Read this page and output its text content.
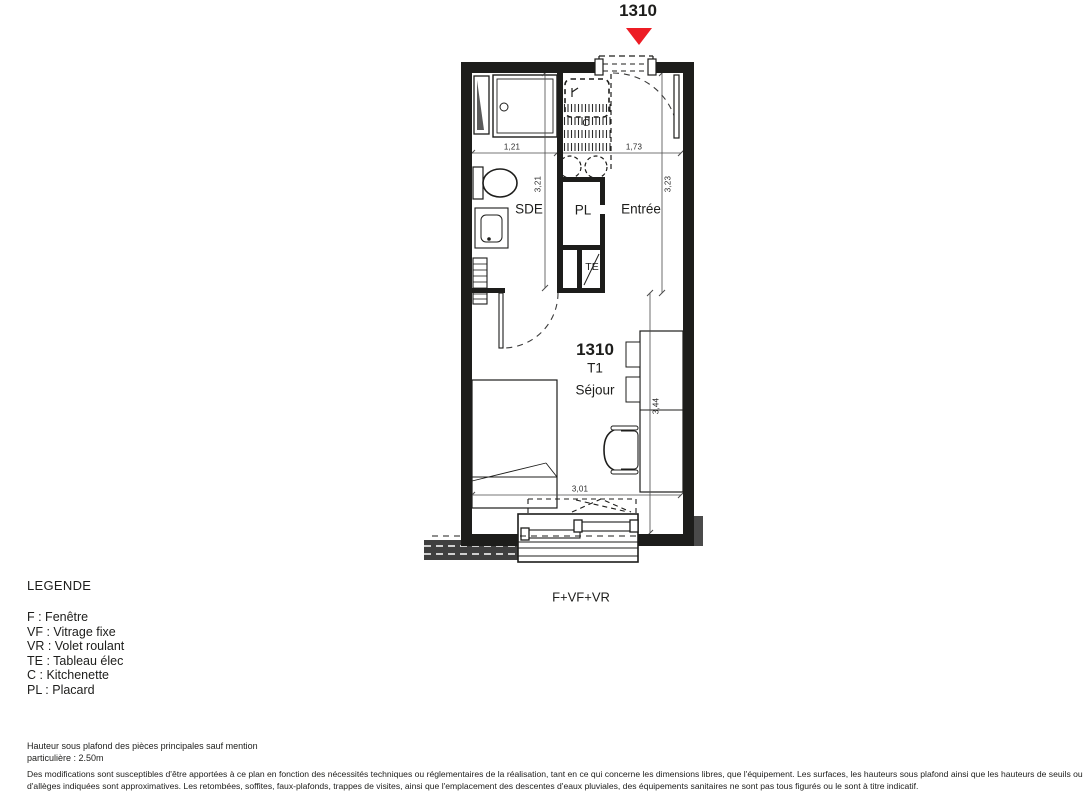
1310
SDE PL Entrée
TE
C
1310
T1
Séjour
1,21	1,73
3,21	3,23
3,44
3,01
F+VF+VR
LEGENDE
F : Fenêtre
VF : Vitrage fixe
VR : Volet roulant
TE : Tableau élec
C : Kitchenette
PL : Placard
Hauteur sous plafond des pièces principales sauf mention
particulière : 2.50m
Des modifications sont susceptibles d'être apportées à ce plan en fonction des nécessités techniques ou réglementaires de la réalisation, tant en ce qui concerne les dimensions libres, que l'équipement. Les surfaces, les hauteurs sous plafond ainsi que les hauteurs de seuils ou
d'allèges indiquées sont approximatives. Les retombées, soffites, faux-plafonds, trappes de visites, ainsi que l'emplacement des descentes d'eaux pluviales, des équipements sanitaires ne sont pas tous figurés ou le sont à titre indicatif.
